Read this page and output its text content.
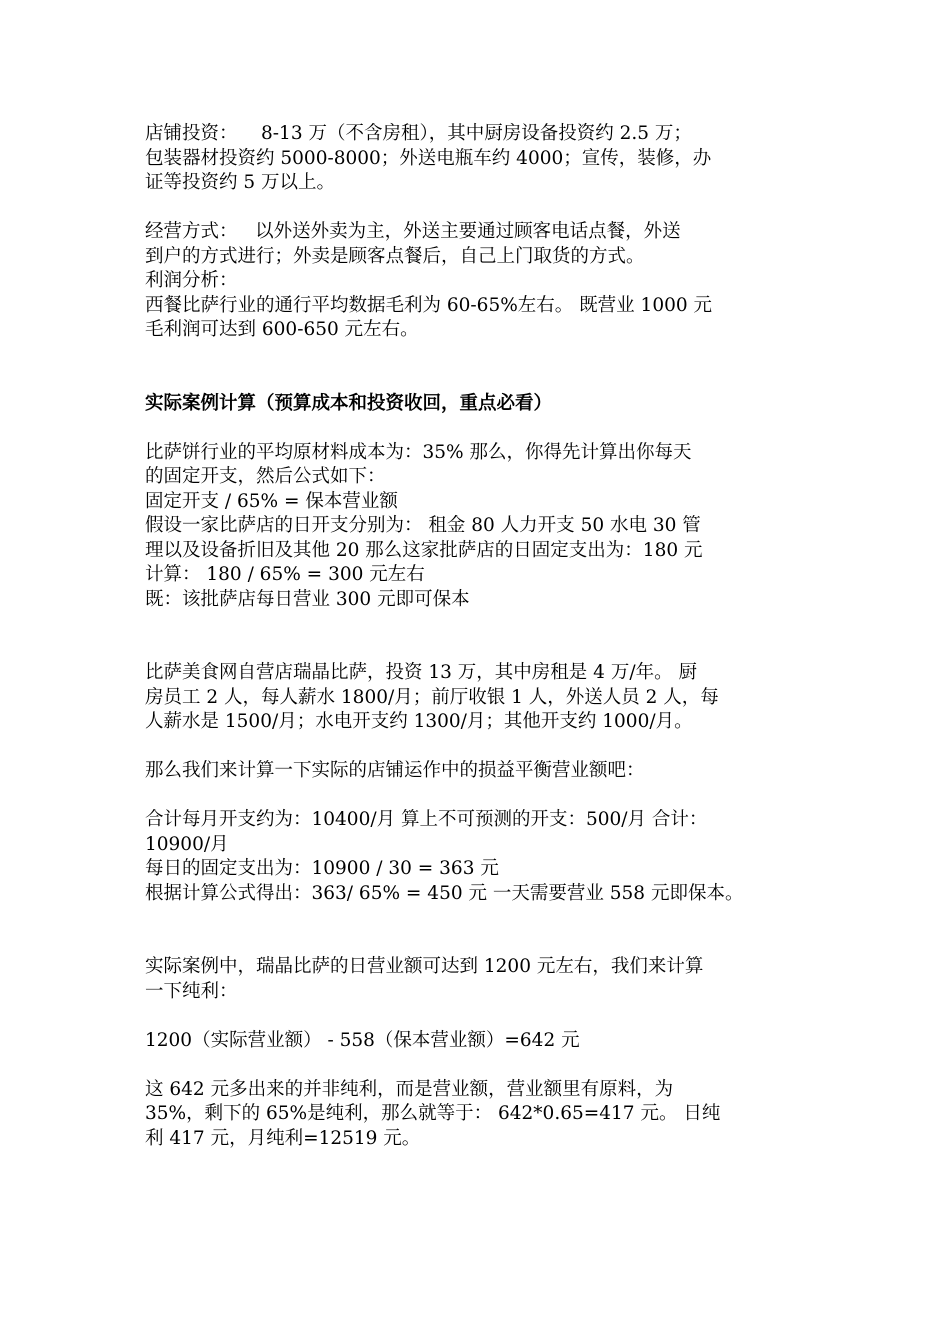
店铺投资：    8-13 万（不含房租），其中厨房设备投资约 2.5 万；
包装器材投资约 5000-8000；外送电瓶车约 4000；宣传，装修，办
证等投资约 5 万以上。
经营方式：   以外送外卖为主，外送主要通过顾客电话点餐，外送
到户的方式进行；外卖是顾客点餐后，自己上门取货的方式。
利润分析：
西餐比萨行业的通行平均数据毛利为 60-65%左右。 既营业 1000 元
毛利润可达到 600-650 元左右。
实际案例计算（预算成本和投资收回，重点必看）
比萨饼行业的平均原材料成本为：35% 那么，你得先计算出你每天
的固定开支，然后公式如下：
固定开支 / 65% = 保本营业额
假设一家比萨店的日开支分别为： 租金 80 人力开支 50 水电 30 管
理以及设备折旧及其他 20 那么这家批萨店的日固定支出为：180 元
计算： 180 / 65% = 300 元左右
既：该批萨店每日营业 300 元即可保本
比萨美食网自营店瑞晶比萨，投资 13 万，其中房租是 4 万/年。 厨
房员工 2 人，每人薪水 1800/月；前厅收银 1 人，外送人员 2 人，每
人薪水是 1500/月；水电开支约 1300/月；其他开支约 1000/月。
那么我们来计算一下实际的店铺运作中的损益平衡营业额吧：
合计每月开支约为：10400/月 算上不可预测的开支：500/月 合计：
10900/月
每日的固定支出为：10900 / 30 = 363 元
根据计算公式得出：363/ 65% = 450 元 一天需要营业 558 元即保本。
实际案例中，瑞晶比萨的日营业额可达到 1200 元左右，我们来计算
一下纯利：
1200（实际营业额） - 558（保本营业额）=642 元
这 642 元多出来的并非纯利，而是营业额，营业额里有原料，为
35%，剩下的 65%是纯利，那么就等于： 642*0.65=417 元。 日纯
利 417 元，月纯利=12519 元。
